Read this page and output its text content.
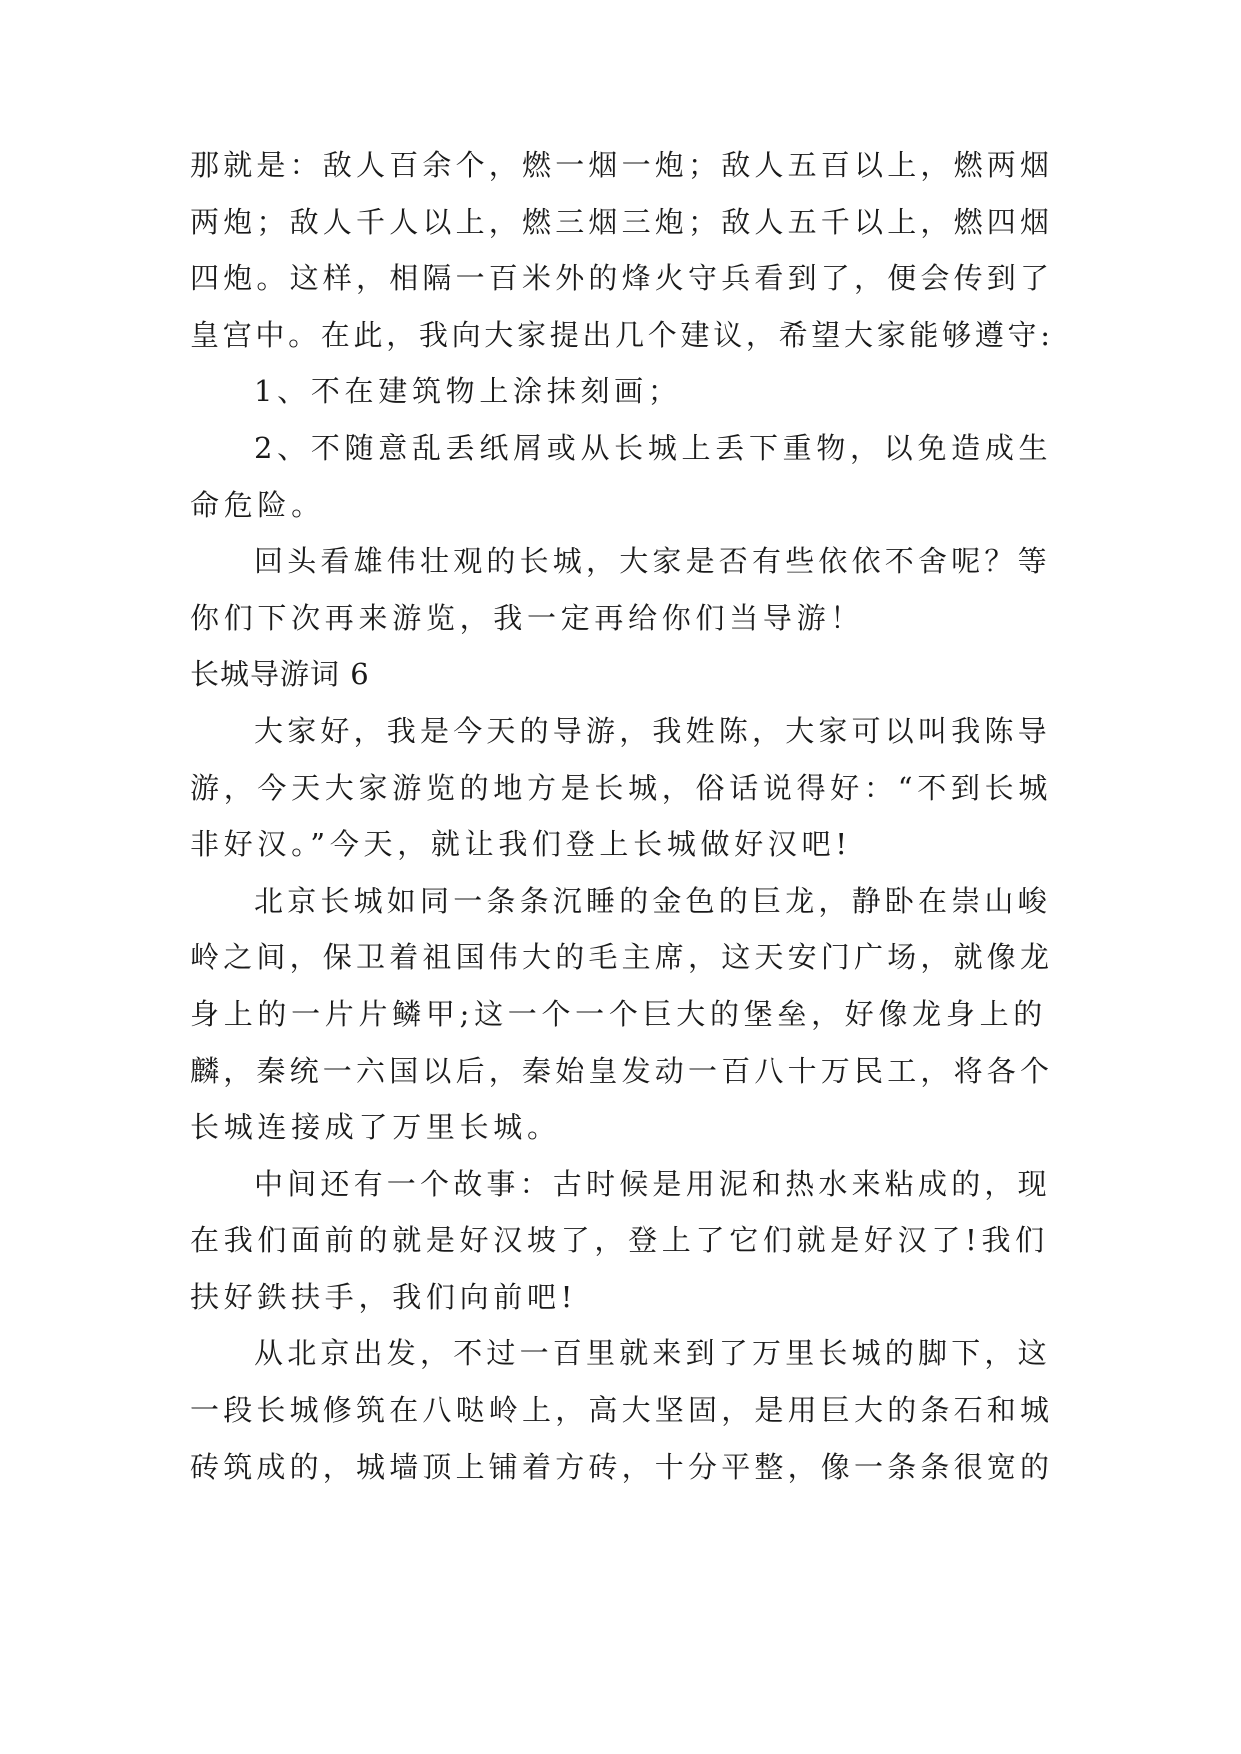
那就是：敌人百余个，燃一烟一炮；敌人五百以上，燃两烟
两炮；敌人千人以上，燃三烟三炮；敌人五千以上，燃四烟
四炮。这样，相隔一百米外的烽火守兵看到了，便会传到了
皇宫中。在此，我向大家提出几个建议，希望大家能够遵守:
1、不在建筑物上涂抹刻画；
2、不随意乱丢纸屑或从长城上丢下重物，以免造成生
命危险。
回头看雄伟壮观的长城，大家是否有些依依不舍呢？等
你们下次再来游览，我一定再给你们当导游！
长城导游词 6
大家好，我是今天的导游，我姓陈，大家可以叫我陈导
游，今天大家游览的地方是长城，俗话说得好：“不到长城
非好汉。”今天，就让我们登上长城做好汉吧!
北京长城如同一条条沉睡的金色的巨龙，静卧在崇山峻
岭之间，保卫着祖国伟大的毛主席，这天安门广场，就像龙
身上的一片片鳞甲;这一个一个巨大的堡垒，好像龙身上的
麟，秦统一六国以后，秦始皇发动一百八十万民工，将各个
长城连接成了万里长城。
中间还有一个故事：古时候是用泥和热水来粘成的，现
在我们面前的就是好汉坡了，登上了它们就是好汉了!我们
扶好鉄扶手，我们向前吧!
从北京出发，不过一百里就来到了万里长城的脚下，这
一段长城修筑在八哒岭上，高大坚固，是用巨大的条石和城
砖筑成的，城墙顶上铺着方砖，十分平整，像一条条很宽的
